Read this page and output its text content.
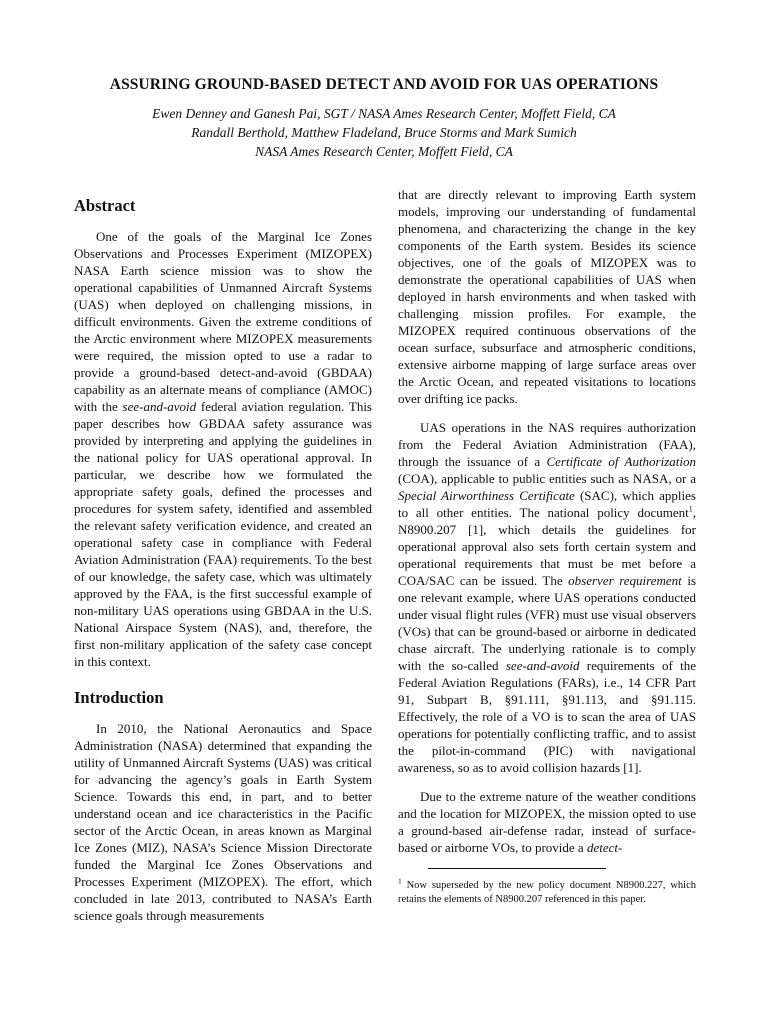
ASSURING GROUND-BASED DETECT AND AVOID FOR UAS OPERATIONS
Ewen Denney and Ganesh Pai, SGT / NASA Ames Research Center, Moffett Field, CA
Randall Berthold, Matthew Fladeland, Bruce Storms and Mark Sumich
NASA Ames Research Center, Moffett Field, CA
Abstract

One of the goals of the Marginal Ice Zones Observations and Processes Experiment (MIZOPEX) NASA Earth science mission was to show the operational capabilities of Unmanned Aircraft Systems (UAS) when deployed on challenging missions, in difficult environments. Given the extreme conditions of the Arctic environment where MIZOPEX measurements were required, the mission opted to use a radar to provide a ground-based detect-and-avoid (GBDAA) capability as an alternate means of compliance (AMOC) with the see-and-avoid federal aviation regulation. This paper describes how GBDAA safety assurance was provided by interpreting and applying the guidelines in the national policy for UAS operational approval. In particular, we describe how we formulated the appropriate safety goals, defined the processes and procedures for system safety, identified and assembled the relevant safety verification evidence, and created an operational safety case in compliance with Federal Aviation Administration (FAA) requirements. To the best of our knowledge, the safety case, which was ultimately approved by the FAA, is the first successful example of non-military UAS operations using GBDAA in the U.S. National Airspace System (NAS), and, therefore, the first non-military application of the safety case concept in this context.

Introduction

In 2010, the National Aeronautics and Space Administration (NASA) determined that expanding the utility of Unmanned Aircraft Systems (UAS) was critical for advancing the agency’s goals in Earth System Science. Towards this end, in part, and to better understand ocean and ice characteristics in the Pacific sector of the Arctic Ocean, in areas known as Marginal Ice Zones (MIZ), NASA’s Science Mission Directorate funded the Marginal Ice Zones Observations and Processes Experiment (MIZOPEX). The effort, which concluded in late 2013, contributed to NASA’s Earth science goals through measurements

that are directly relevant to improving Earth system models, improving our understanding of fundamental phenomena, and characterizing the change in the key components of the Earth system. Besides its science objectives, one of the goals of MIZOPEX was to demonstrate the operational capabilities of UAS when deployed in harsh environments and when tasked with challenging mission profiles. For example, the MIZOPEX required continuous observations of the ocean surface, subsurface and atmospheric conditions, extensive airborne mapping of large surface areas over the Arctic Ocean, and repeated visitations to locations over drifting ice packs.

UAS operations in the NAS requires authorization from the Federal Aviation Administration (FAA), through the issuance of a Certificate of Authorization (COA), applicable to public entities such as NASA, or a Special Airworthiness Certificate (SAC), which applies to all other entities. The national policy document$^1$, N8900.207 [1], which details the guidelines for operational approval also sets forth certain system and operational requirements that must be met before a COA/SAC can be issued. The observer requirement is one relevant example, where UAS operations conducted under visual flight rules (VFR) must use visual observers (VOs) that can be ground-based or airborne in dedicated chase aircraft. The underlying rationale is to comply with the so-called see-and-avoid requirements of the Federal Aviation Regulations (FARs), i.e., 14 CFR Part 91, Subpart B, §91.111, §91.113, and §91.115. Effectively, the role of a VO is to scan the area of UAS operations for potentially conflicting traffic, and to assist the pilot-in-command (PIC) with navigational awareness, so as to avoid collision hazards [1].

Due to the extreme nature of the weather conditions and the location for MIZOPEX, the mission opted to use a ground-based air-defense radar, instead of surface-based or airborne VOs, to provide a detect-

$^1$ Now superseded by the new policy document N8900.227, which retains the elements of N8900.207 referenced in this paper.
